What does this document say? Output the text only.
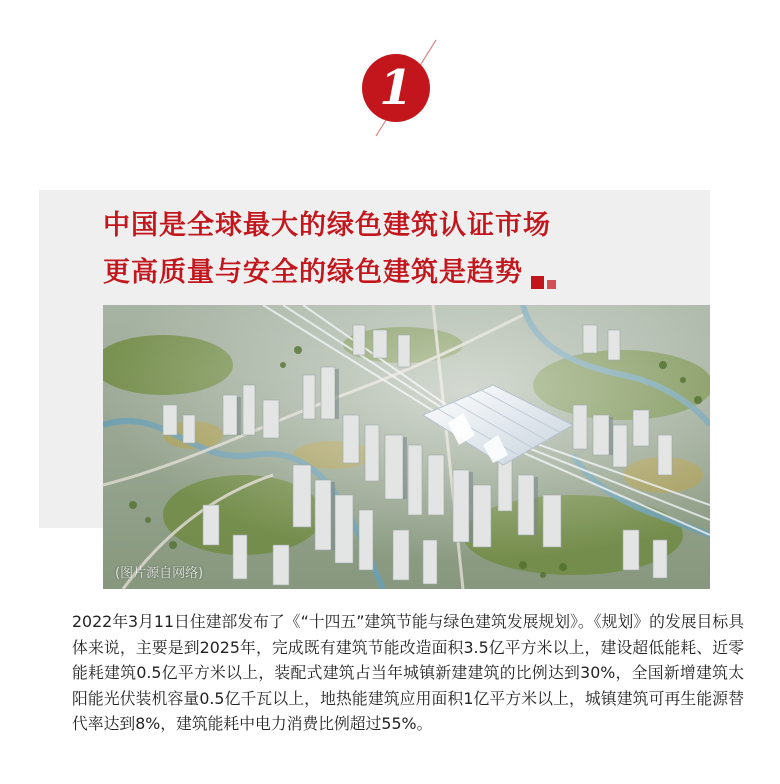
1
中国是全球最大的绿色建筑认证市场
更高质量与安全的绿色建筑是趋势
(图片源自网络)

2022年3月11日住建部发布了《“十四五”建筑节能与绿色建筑发展规划》。《规划》的发展目标具体来说，主要是到2025年，完成既有建筑节能改造面积3.5亿平方米以上，建设超低能耗、近零能耗建筑0.5亿平方米以上，装配式建筑占当年城镇新建建筑的比例达到30%，全国新增建筑太阳能光伏装机容量0.5亿千瓦以上，地热能建筑应用面积1亿平方米以上，城镇建筑可再生能源替代率达到8%，建筑能耗中电力消费比例超过55%。
